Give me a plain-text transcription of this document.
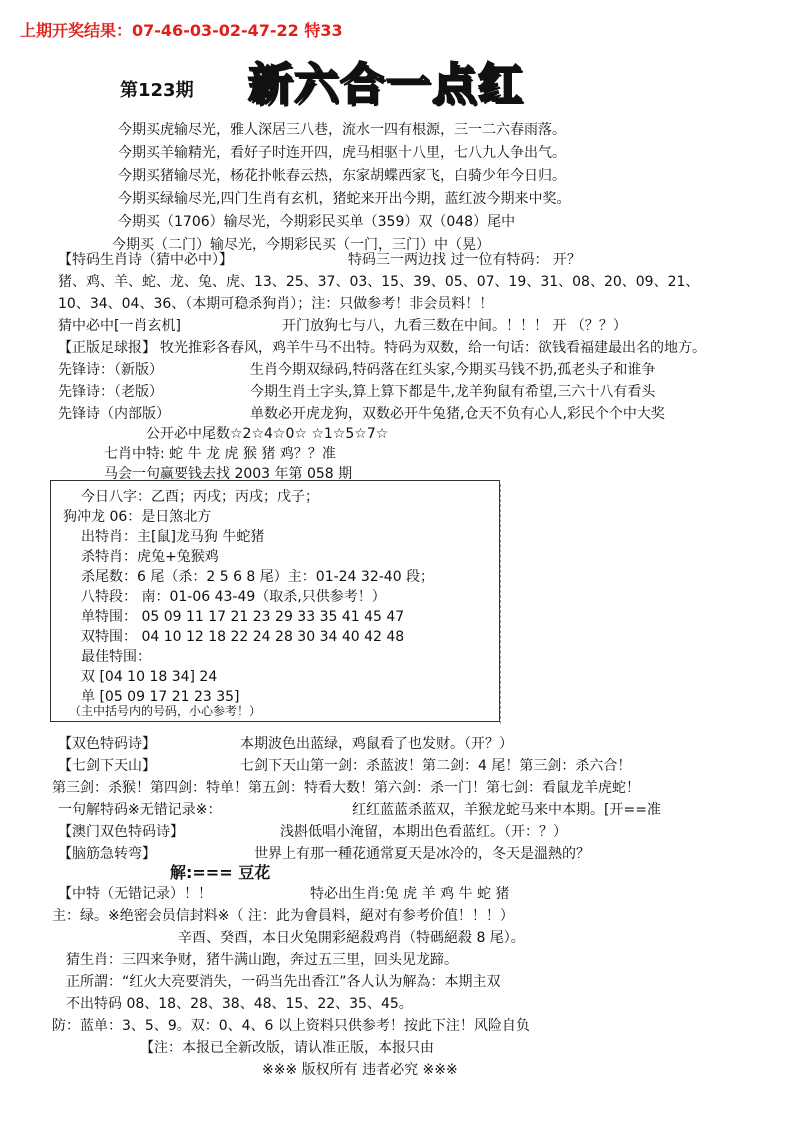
上期开奖结果：07-46-03-02-47-22 特33
第123期 新六合一点红
今期买虎输尽光，雅人深居三八巷，流水一四有根源，三一二六春雨落。
今期买羊输精光，看好子时连开四，虎马相驱十八里，七八九人争出气。
今期买猪输尽光，杨花扑帐春云热，东家胡蝶西家飞，白骑少年今日归。
今期买绿输尽光,四门生肖有玄机，猪蛇来开出今期，蓝红波今期来中奖。
今期买（1706）输尽光，今期彩民买单（359）双（048）尾中
今期买（二门）输尽光，今期彩民买（一门，三门）中（晃）
【特码生肖诗（猜中必中）】	特码三一两边找 过一位有特码： 开？
猪、鸡、羊、蛇、龙、兔、虎、13、25、37、03、15、39、05、07、19、31、08、20、09、21、
10、34、04、36、（本期可稳杀狗肖）；注：只做参考！非会员料！！
猜中必中[一肖玄机]	开门放狗七与八，九看三数在中间。！！！ 开 （？？）
【正版足球报】 牧光推彩各春风，鸡羊牛马不出特。特码为双数，给一句话：欲钱看福建最出名的地方。
先锋诗：（新版）	生肖今期双绿码,特码落在红头家,今期买马钱不扔,孤老头子和谁争
先锋诗：（老版）	今期生肖土字头,算上算下都是牛,龙羊狗鼠有希望,三六十八有看头
先锋诗（内部版）	单数必开虎龙狗，双数必开牛兔猪,仓天不负有心人,彩民个个中大奖
公开必中尾数☆2☆4☆0☆ ☆1☆5☆7☆
七肖中特: 蛇 牛 龙 虎 猴 猪 鸡？？准
马会一句赢要钱去找 2003 年第 058 期
今日八字：乙酉；丙戌；丙戌；戊子；
狗冲龙 06：是日煞北方
出特肖：主[鼠]龙马狗 牛蛇猪
杀特肖：虎兔+兔猴鸡
杀尾数：6 尾（杀：2 5 6 8 尾）主：01-24 32-40 段；
八特段： 南：01-06 43-49（取杀,只供参考！）
单特围： 05 09 11 17 21 23 29 33 35 41 45 47
双特围： 04 10 12 18 22 24 28 30 34 40 42 48
最佳特围：
双 [04 10 18 34] 24
单 [05 09 17 21 23 35]
（主中括号内的号码，小心参考！）
【双色特码诗】	本期波色出蓝绿，鸡鼠看了也发财。（开？）
【七剑下天山】	七剑下天山第一剑：杀蓝波！第二剑：4 尾！第三剑：杀六合！
第三剑：杀猴！第四剑：特单！第五剑：特看大数！第六剑：杀一门！第七剑：看鼠龙羊虎蛇！
一句解特码※无错记录※：	红红蓝蓝杀蓝双，羊猴龙蛇马来中本期。[开==准
【澳门双色特码诗】	浅斟低唱小淹留，本期出色看蓝红。（开：？）
【脑筋急转弯】	世界上有那一種花通常夏天是冰冷的，冬天是溫熱的？
解:=== 豆花
【中特（无错记录）！！	特必出生肖:兔 虎 羊 鸡 牛 蛇 猪
主：绿。※绝密会员信封料※（ 注：此为會員料，絕对有参考价值！！！）
辛酉、癸酉，本日火兔開彩絕殺鸡肖（特碼絕殺 8 尾）。
猜生肖：三四来争财，猪牛满山跑，奔过五三里，回头见龙蹄。
正所謂：“红火大亮要消失，一码当先出香江”各人认为解為：本期主双
不出特码 08、18、28、38、48、15、22、35、45。
防：蓝单：3、5、9。双：0、4、6 以上资料只供参考！按此下注！风险自负
【注：本报已全新改版，请认准正版，本报只由
※※※ 版权所有 违者必究 ※※※
